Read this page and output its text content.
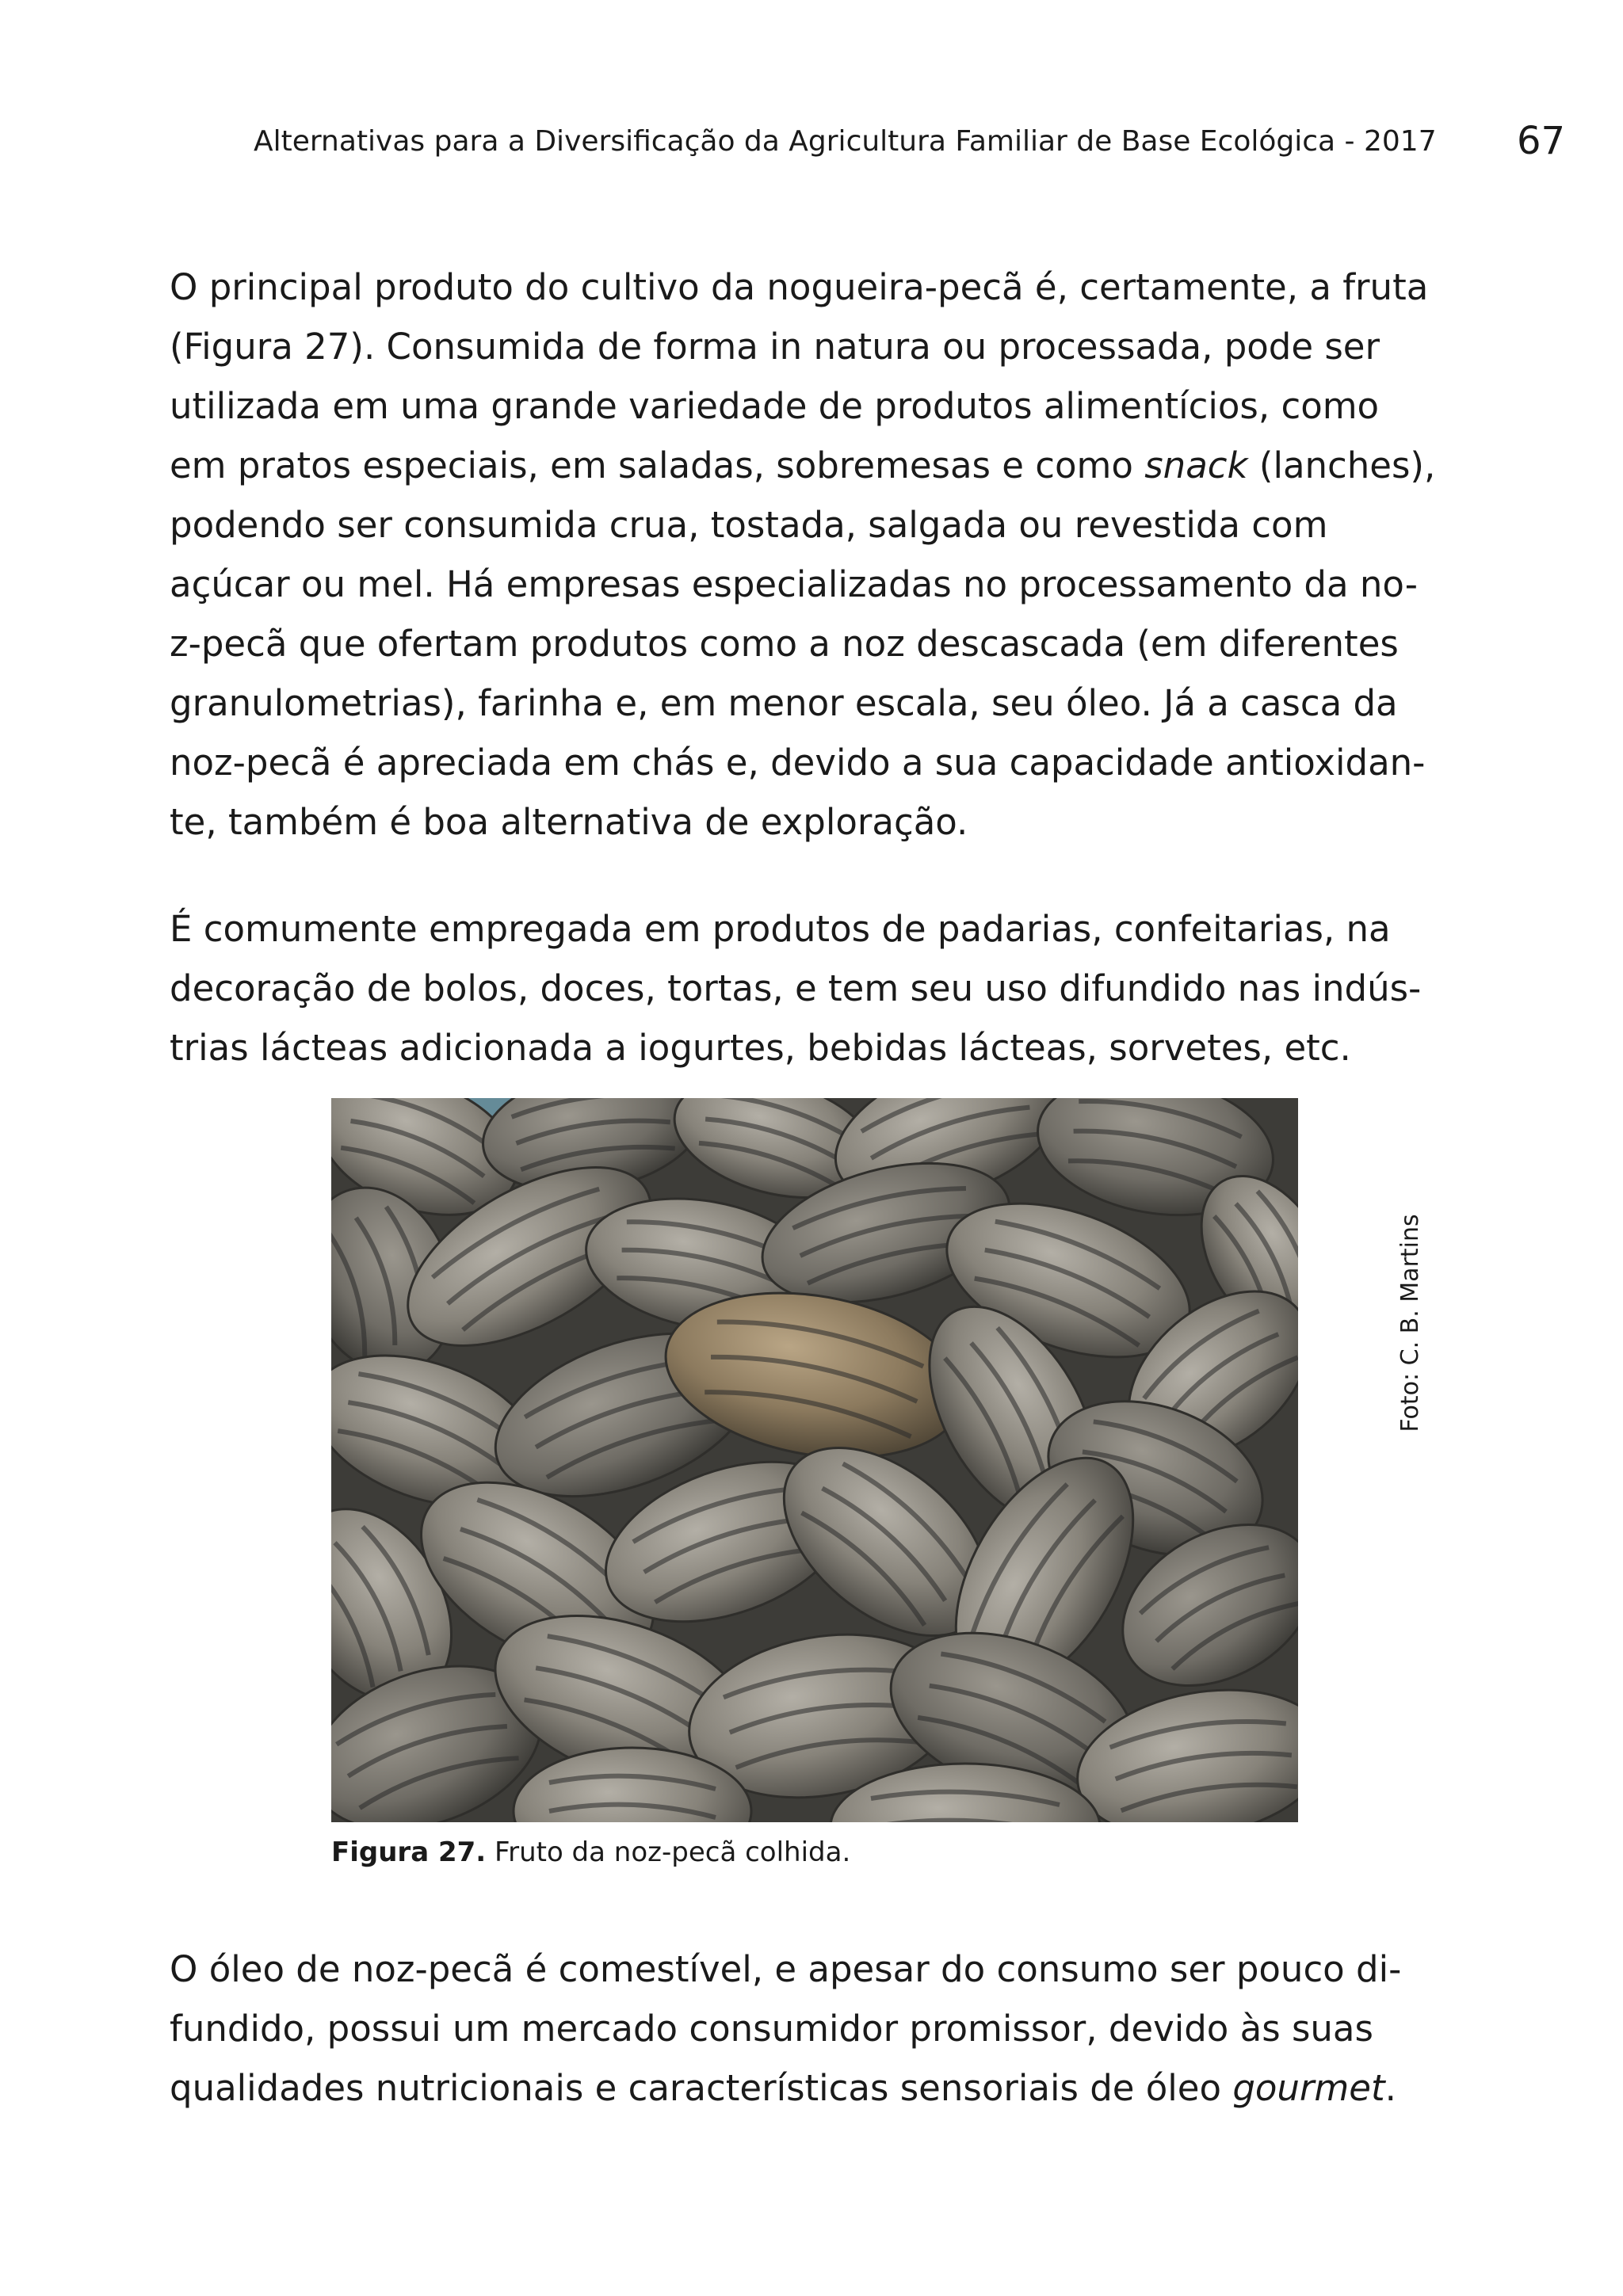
Alternativas para a Diversificação da Agricultura Familiar de Base Ecológica - 2017	67
O principal produto do cultivo da nogueira-pecã é, certamente, a fruta
(Figura 27). Consumida de forma in natura ou processada, pode ser
utilizada em uma grande variedade de produtos alimentícios, como
em pratos especiais, em saladas, sobremesas e como snack (lanches),
podendo ser consumida crua, tostada, salgada ou revestida com
açúcar ou mel. Há empresas especializadas no processamento da no-
z-pecã que ofertam produtos como a noz descascada (em diferentes
granulometrias), farinha e, em menor escala, seu óleo. Já a casca da
noz-pecã é apreciada em chás e, devido a sua capacidade antioxidan-
te, também é boa alternativa de exploração.
É comumente empregada em produtos de padarias, confeitarias, na
decoração de bolos, doces, tortas, e tem seu uso difundido nas indús-
trias lácteas adicionada a iogurtes, bebidas lácteas, sorvetes, etc.
Foto: C. B. Martins
Figura 27. Fruto da noz-pecã colhida.
O óleo de noz-pecã é comestível, e apesar do consumo ser pouco di-
fundido, possui um mercado consumidor promissor, devido às suas
qualidades nutricionais e características sensoriais de óleo gourmet.
